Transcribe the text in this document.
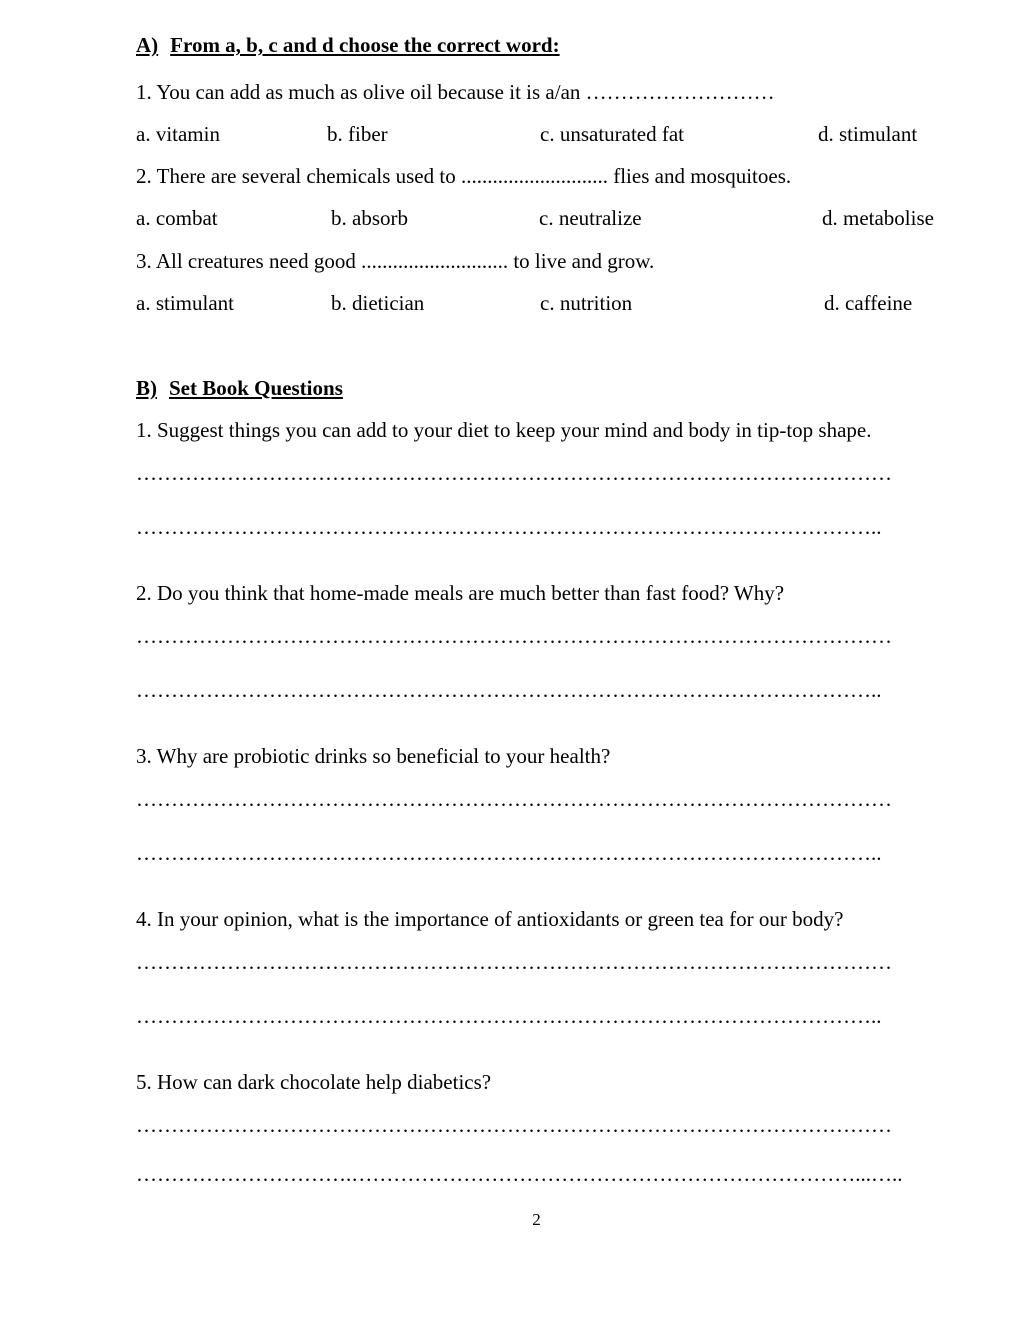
A) From a, b, c and d choose the correct word:
1. You can add as much as olive oil because it is a/an ………………………
a. vitamin	b. fiber	c. unsaturated fat	d. stimulant
2. There are several chemicals used to ............................ flies and mosquitoes.
a. combat	b. absorb	c. neutralize	d. metabolise
3. All creatures need good ............................ to live and grow.
a. stimulant	b. dietician	c. nutrition	d. caffeine
B) Set Book Questions
1. Suggest things you can add to your diet to keep your mind and body in tip-top shape.
………………………………………………………………………………………………
……………………………………………………………………………………………..
2. Do you think that home-made meals are much better than fast food? Why?
………………………………………………………………………………………………
……………………………………………………………………………………………..
3. Why are probiotic drinks so beneficial to your health?
………………………………………………………………………………………………
……………………………………………………………………………………………..
4. In your opinion, what is the importance of antioxidants or green tea for our body?
………………………………………………………………………………………………
……………………………………………………………………………………………..
5. How can dark chocolate help diabetics?
………………………………………………………………………………………………
………………………….………………………………………………………………...…..
2
